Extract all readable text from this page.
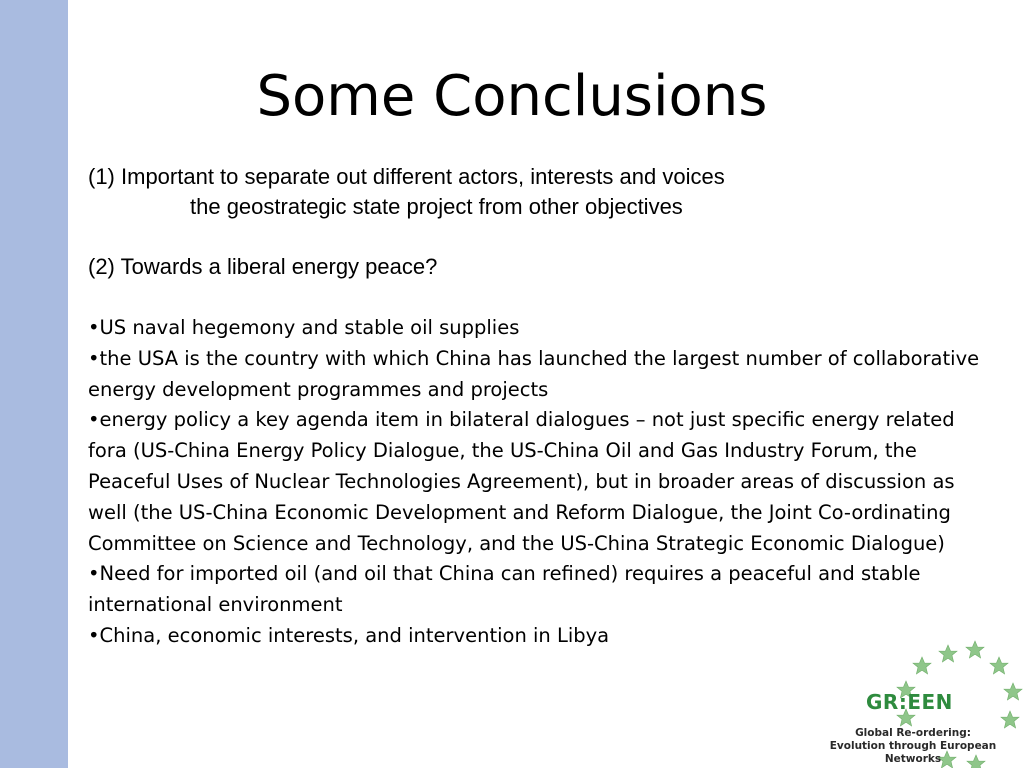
Some Conclusions
(1) Important to separate out different actors, interests and voices
the geostrategic state project from other objectives
(2) Towards a liberal energy peace?
•US naval hegemony and stable oil supplies
•the USA is the country with which China has launched the largest number of collaborative energy development programmes and projects
•energy policy a key agenda item in bilateral dialogues – not just specific energy related fora (US-China Energy Policy Dialogue, the US-China Oil and Gas Industry Forum, the Peaceful Uses of Nuclear Technologies Agreement), but in broader areas of discussion as well (the US-China Economic Development and Reform Dialogue, the Joint Co-ordinating Committee on Science and Technology, and the US-China Strategic Economic Dialogue)
•Need for imported oil (and oil that China can refined) requires a peaceful and stable international environment
•China, economic interests, and intervention in Libya
GR:EEN
Global Re-ordering:
Evolution through European Networks
